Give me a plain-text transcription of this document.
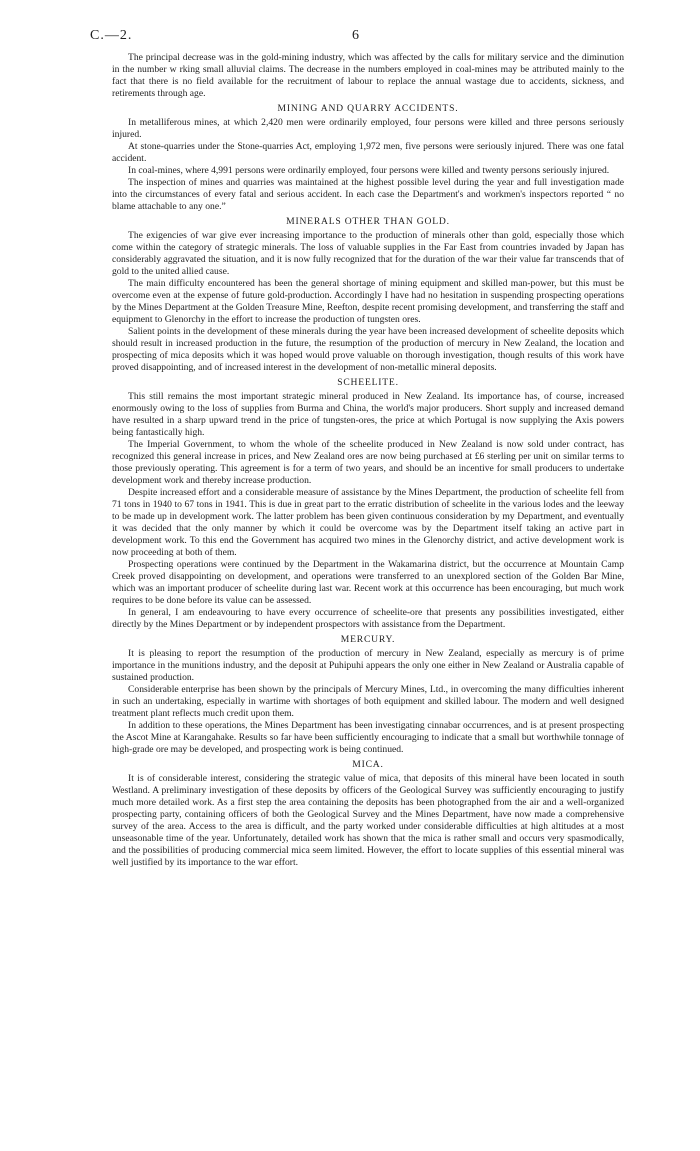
C.—2.	6

The principal decrease was in the gold-mining industry, which was affected by the calls for military service and the diminution in the number w rking small alluvial claims. The decrease in the numbers employed in coal-mines may be attributed mainly to the fact that there is no field available for the recruitment of labour to replace the annual wastage due to accidents, sickness, and retirements through age.

MINING AND QUARRY ACCIDENTS.

In metalliferous mines, at which 2,420 men were ordinarily employed, four persons were killed and three persons seriously injured.

At stone-quarries under the Stone-quarries Act, employing 1,972 men, five persons were seriously injured. There was one fatal accident.

In coal-mines, where 4,991 persons were ordinarily employed, four persons were killed and twenty persons seriously injured.

The inspection of mines and quarries was maintained at the highest possible level during the year and full investigation made into the circumstances of every fatal and serious accident. In each case the Department's and workmen's inspectors reported “ no blame attachable to any one.”

MINERALS OTHER THAN GOLD.

The exigencies of war give ever increasing importance to the production of minerals other than gold, especially those which come within the category of strategic minerals. The loss of valuable supplies in the Far East from countries invaded by Japan has considerably aggravated the situation, and it is now fully recognized that for the duration of the war their value far transcends that of gold to the united allied cause.

The main difficulty encountered has been the general shortage of mining equipment and skilled man-power, but this must be overcome even at the expense of future gold-production. Accordingly I have had no hesitation in suspending prospecting operations by the Mines Department at the Golden Treasure Mine, Reefton, despite recent promising development, and transferring the staff and equipment to Glenorchy in the effort to increase the production of tungsten ores.

Salient points in the development of these minerals during the year have been increased development of scheelite deposits which should result in increased production in the future, the resumption of the production of mercury in New Zealand, the location and prospecting of mica deposits which it was hoped would prove valuable on thorough investigation, though results of this work have proved disappointing, and of increased interest in the development of non-metallic mineral deposits.

SCHEELITE.

This still remains the most important strategic mineral produced in New Zealand. Its importance has, of course, increased enormously owing to the loss of supplies from Burma and China, the world's major producers. Short supply and increased demand have resulted in a sharp upward trend in the price of tungsten-ores, the price at which Portugal is now supplying the Axis powers being fantastically high.

The Imperial Government, to whom the whole of the scheelite produced in New Zealand is now sold under contract, has recognized this general increase in prices, and New Zealand ores are now being purchased at £6 sterling per unit on similar terms to those previously operating. This agreement is for a term of two years, and should be an incentive for small producers to undertake development work and thereby increase production.

Despite increased effort and a considerable measure of assistance by the Mines Department, the production of scheelite fell from 71 tons in 1940 to 67 tons in 1941. This is due in great part to the erratic distribution of scheelite in the various lodes and the leeway to be made up in development work. The latter problem has been given continuous consideration by my Department, and eventually it was decided that the only manner by which it could be overcome was by the Department itself taking an active part in development work. To this end the Government has acquired two mines in the Glenorchy district, and active development work is now proceeding at both of them.

Prospecting operations were continued by the Department in the Wakamarina district, but the occurrence at Mountain Camp Creek proved disappointing on development, and operations were transferred to an unexplored section of the Golden Bar Mine, which was an important producer of scheelite during last war. Recent work at this occurrence has been encouraging, but much work requires to be done before its value can be assessed.

In general, I am endeavouring to have every occurrence of scheelite-ore that presents any possibilities investigated, either directly by the Mines Department or by independent prospectors with assistance from the Department.

MERCURY.

It is pleasing to report the resumption of the production of mercury in New Zealand, especially as mercury is of prime importance in the munitions industry, and the deposit at Puhipuhi appears the only one either in New Zealand or Australia capable of sustained production.

Considerable enterprise has been shown by the principals of Mercury Mines, Ltd., in overcoming the many difficulties inherent in such an undertaking, especially in wartime with shortages of both equipment and skilled labour. The modern and well designed treatment plant reflects much credit upon them.

In addition to these operations, the Mines Department has been investigating cinnabar occurrences, and is at present prospecting the Ascot Mine at Karangahake. Results so far have been sufficiently encouraging to indicate that a small but worthwhile tonnage of high-grade ore may be developed, and prospecting work is being continued.

MICA.

It is of considerable interest, considering the strategic value of mica, that deposits of this mineral have been located in south Westland. A preliminary investigation of these deposits by officers of the Geological Survey was sufficiently encouraging to justify much more detailed work. As a first step the area containing the deposits has been photographed from the air and a well-organized prospecting party, containing officers of both the Geological Survey and the Mines Department, have now made a comprehensive survey of the area. Access to the area is difficult, and the party worked under considerable difficulties at high altitudes at a most unseasonable time of the year. Unfortunately, detailed work has shown that the mica is rather small and occurs very spasmodically, and the possibilities of producing commercial mica seem limited. However, the effort to locate supplies of this essential mineral was well justified by its importance to the war effort.
